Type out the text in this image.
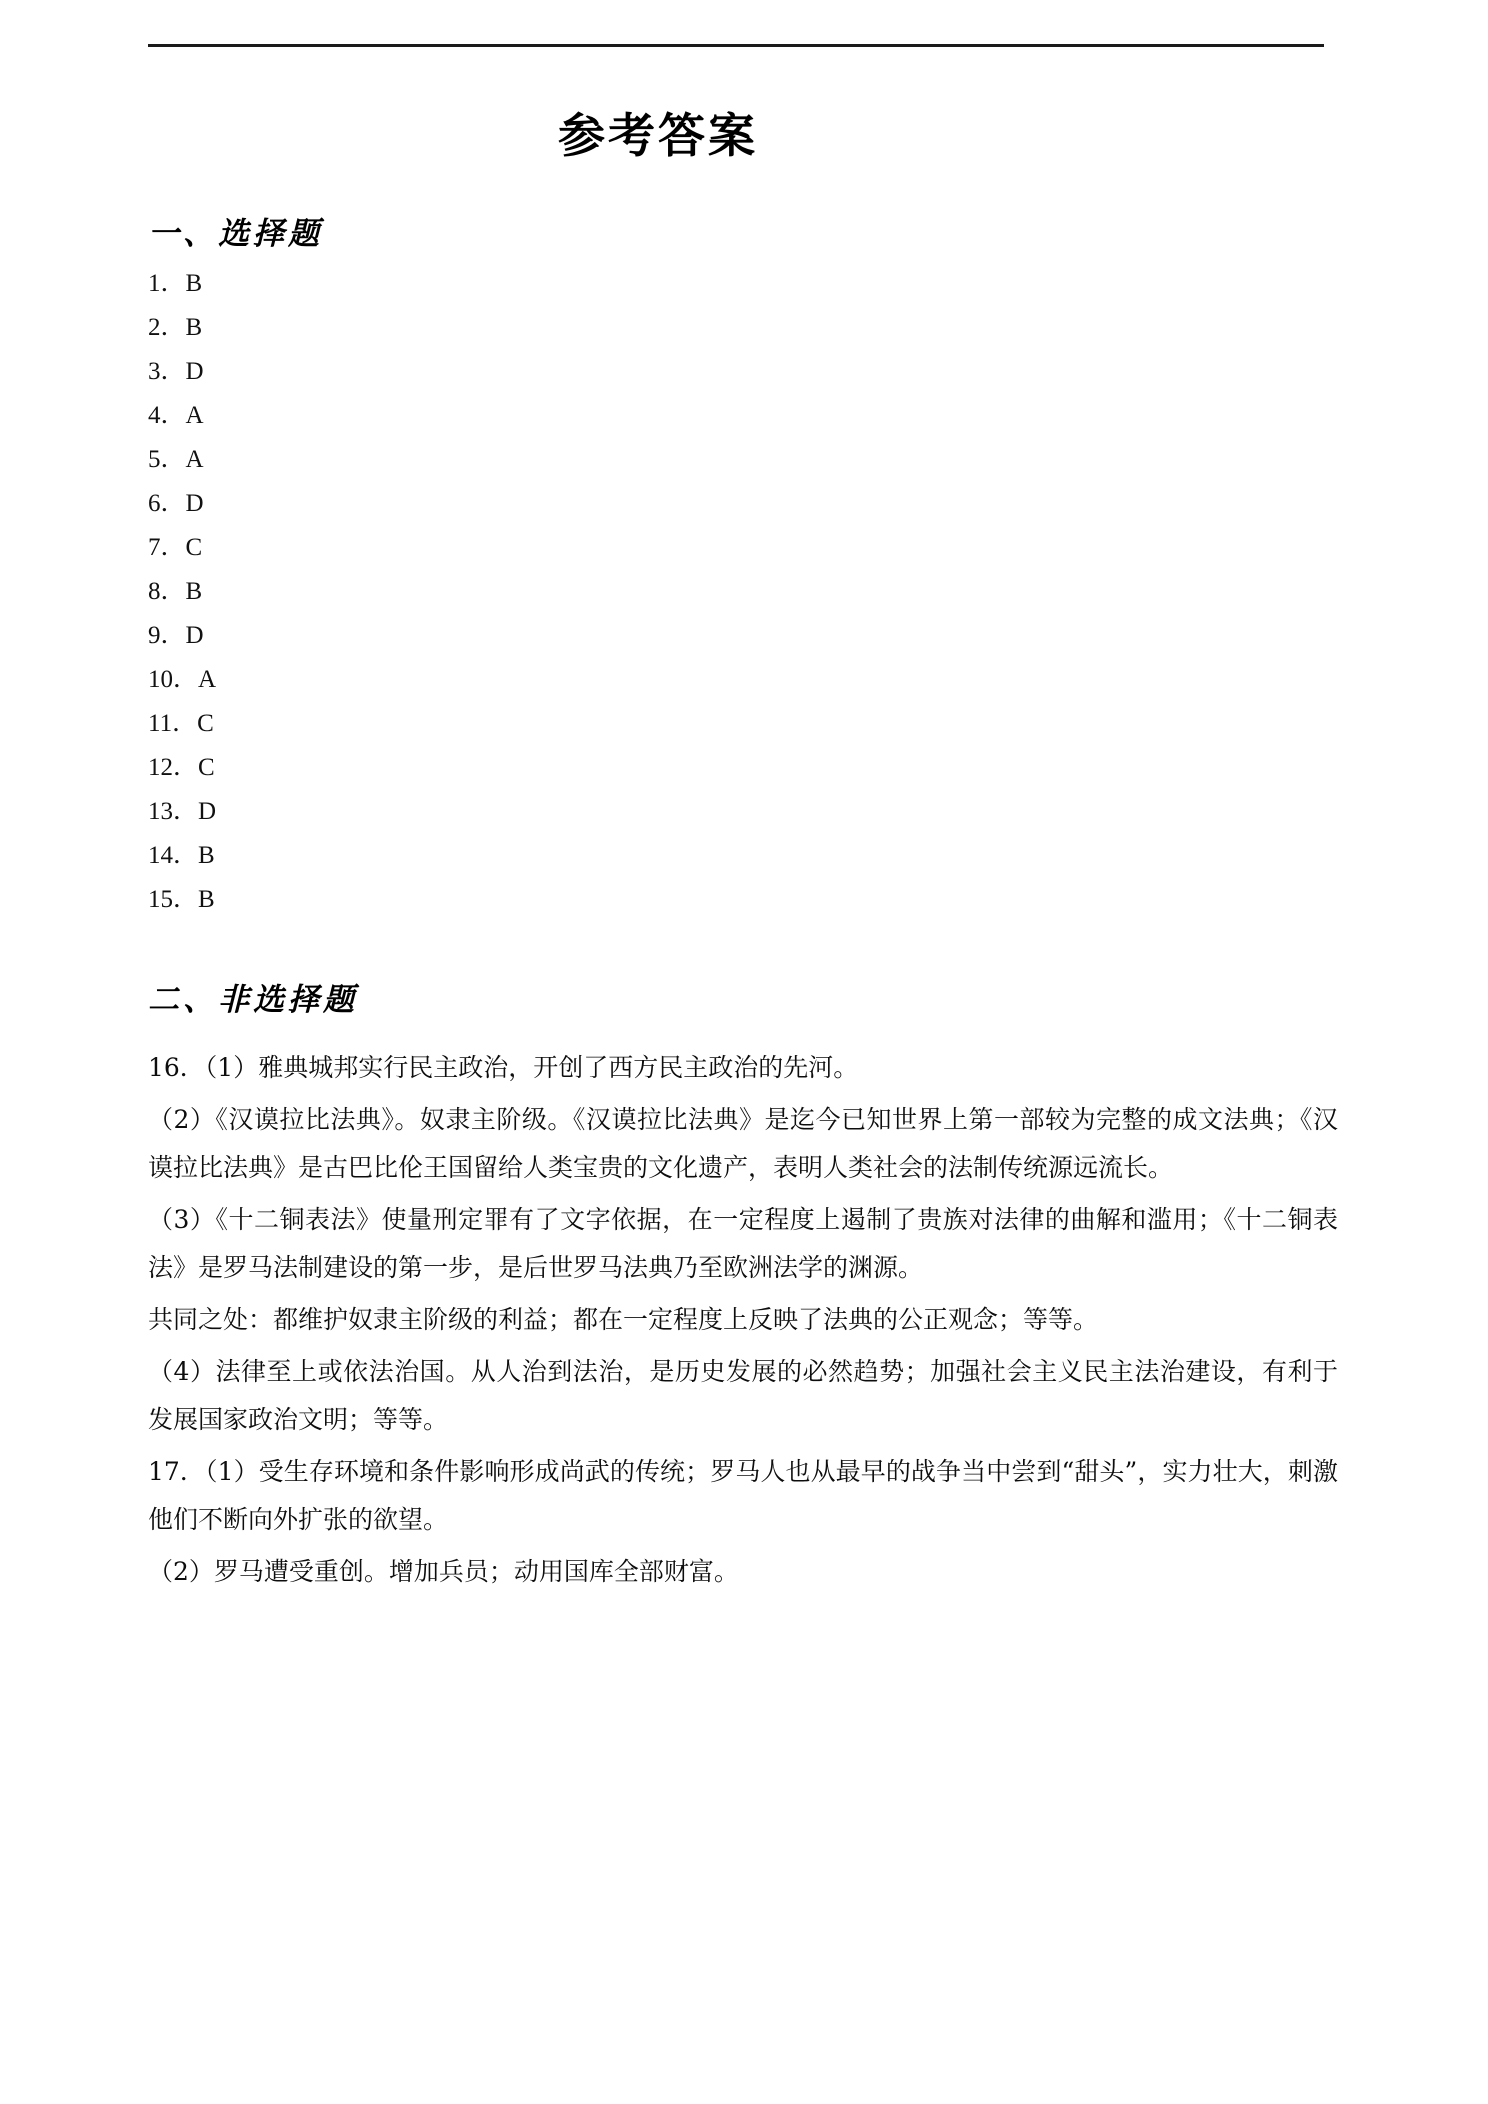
参考答案
一、选择题
1．B
2．B
3．D
4．A
5．A
6．D
7．C
8．B
9．D
10．A
11．C
12．C
13．D
14．B
15．B
二、非选择题

16．（1）雅典城邦实行民主政治，开创了西方民主政治的先河。

（2）《汉谟拉比法典》。奴隶主阶级。《汉谟拉比法典》是迄今已知世界上第一部较为完整的成文法典；《汉谟拉比法典》是古巴比伦王国留给人类宝贵的文化遗产，表明人类社会的法制传统源远流长。

（3）《十二铜表法》使量刑定罪有了文字依据，在一定程度上遏制了贵族对法律的曲解和滥用；《十二铜表法》是罗马法制建设的第一步，是后世罗马法典乃至欧洲法学的渊源。

共同之处：都维护奴隶主阶级的利益；都在一定程度上反映了法典的公正观念；等等。

（4）法律至上或依法治国。从人治到法治，是历史发展的必然趋势；加强社会主义民主法治建设，有利于发展国家政治文明；等等。

17．（1）受生存环境和条件影响形成尚武的传统；罗马人也从最早的战争当中尝到“甜头”，实力壮大，刺激他们不断向外扩张的欲望。

（2）罗马遭受重创。增加兵员；动用国库全部财富。
